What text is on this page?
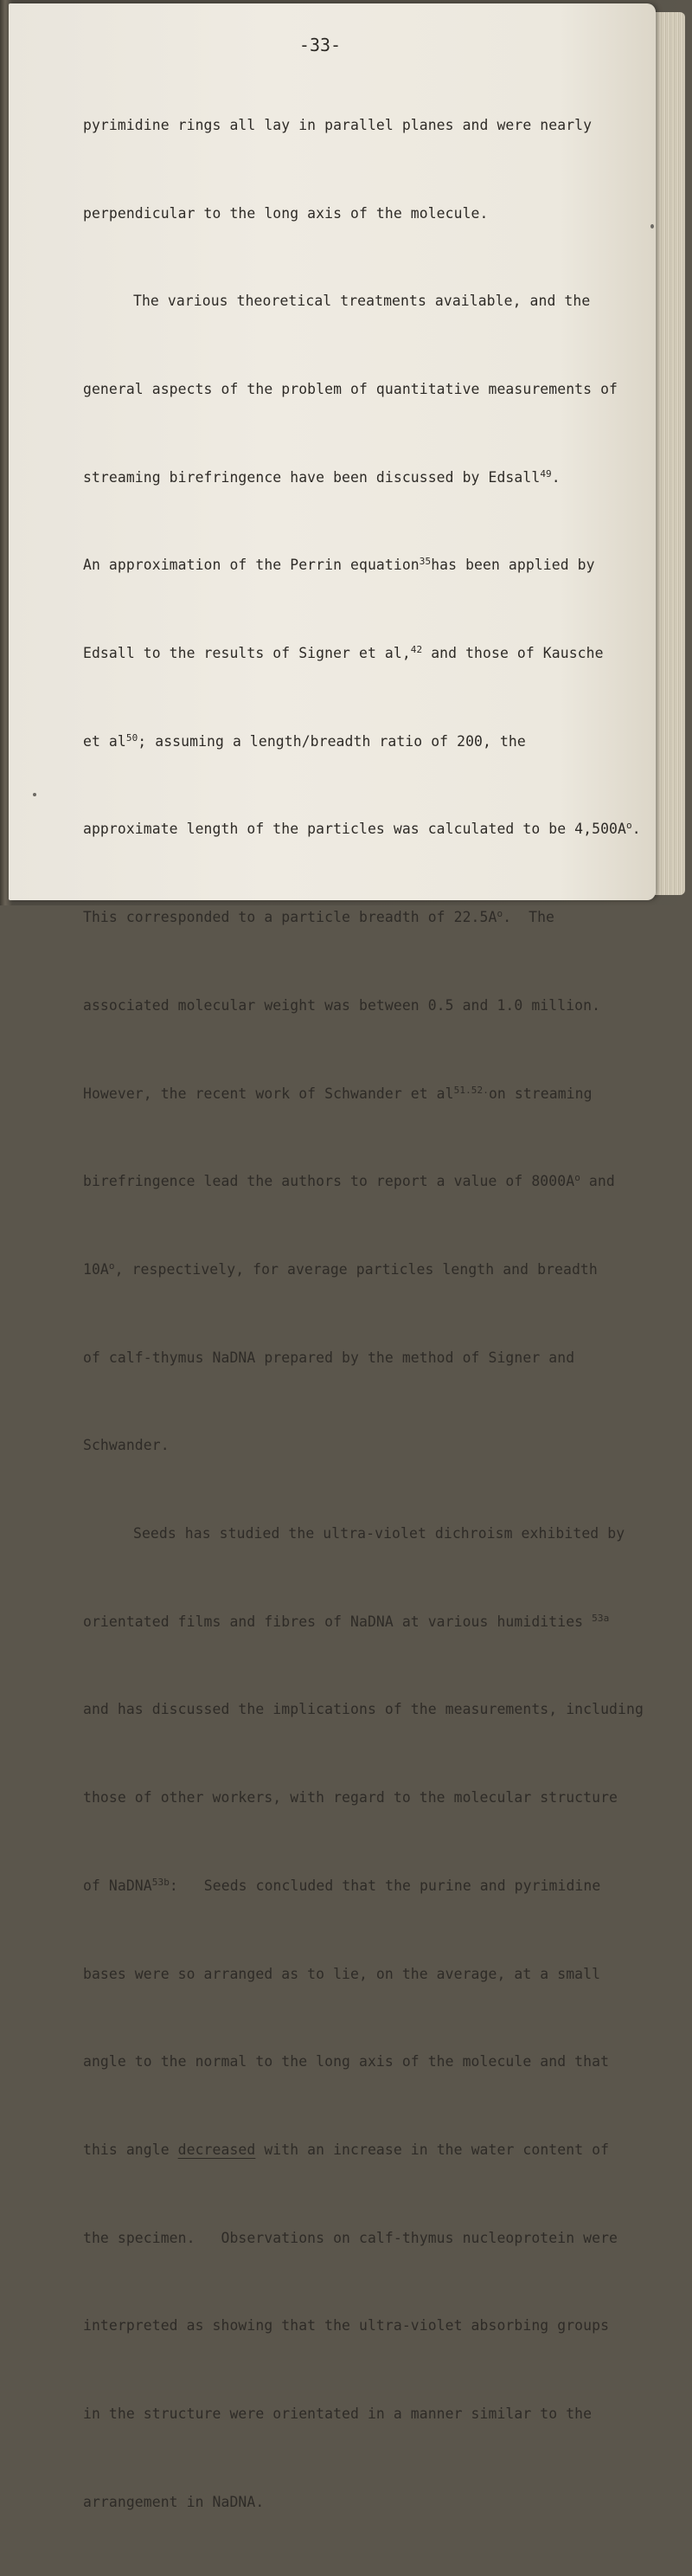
-33-

pyrimidine rings all lay in parallel planes and were nearly

perpendicular to the long axis of the molecule.

The various theoretical treatments available, and the

general aspects of the problem of quantitative measurements of

streaming birefringence have been discussed by Edsall$^{49}$.

An approximation of the Perrin equation$^{35}$has been applied by

Edsall to the results of Signer et al,$^{42}$ and those of Kausche

et $al^{50}$; assuming a length/breadth ratio of 200, the

approximate length of the particles was calculated to be $4,500A^o$.

This corresponded to a particle breadth of $22.5A^o$.  The

associated molecular weight was between 0.5 and 1.0 million.

However, the recent work of Schwander et $al^{51.52.}on$ streaming

birefringence lead the authors to report a value of $8000A^o$ and

$10A^o$, respectively, for average particles length and breadth

of calf-thymus NaDNA prepared by the method of Signer and

Schwander.

Seeds has studied the ultra-violet dichroism exhibited by

orientated films and fibres of NaDNA at various humidities $^{53a}$

and has discussed the implications of the measurements, including

those of other workers, with regard to the molecular structure

of NaDNA$^{53b}$:   Seeds concluded that the purine and pyrimidine

bases were so arranged as to lie, on the average, at a small

angle to the normal to the long axis of the molecule and that

this angle decreased with an increase in the water content of

the specimen.   Observations on calf-thymus nucleoprotein were

interpreted as showing that the ultra-violet absorbing groups

in the structure were orientated in a manner similar to the

arrangement in NaDNA.
